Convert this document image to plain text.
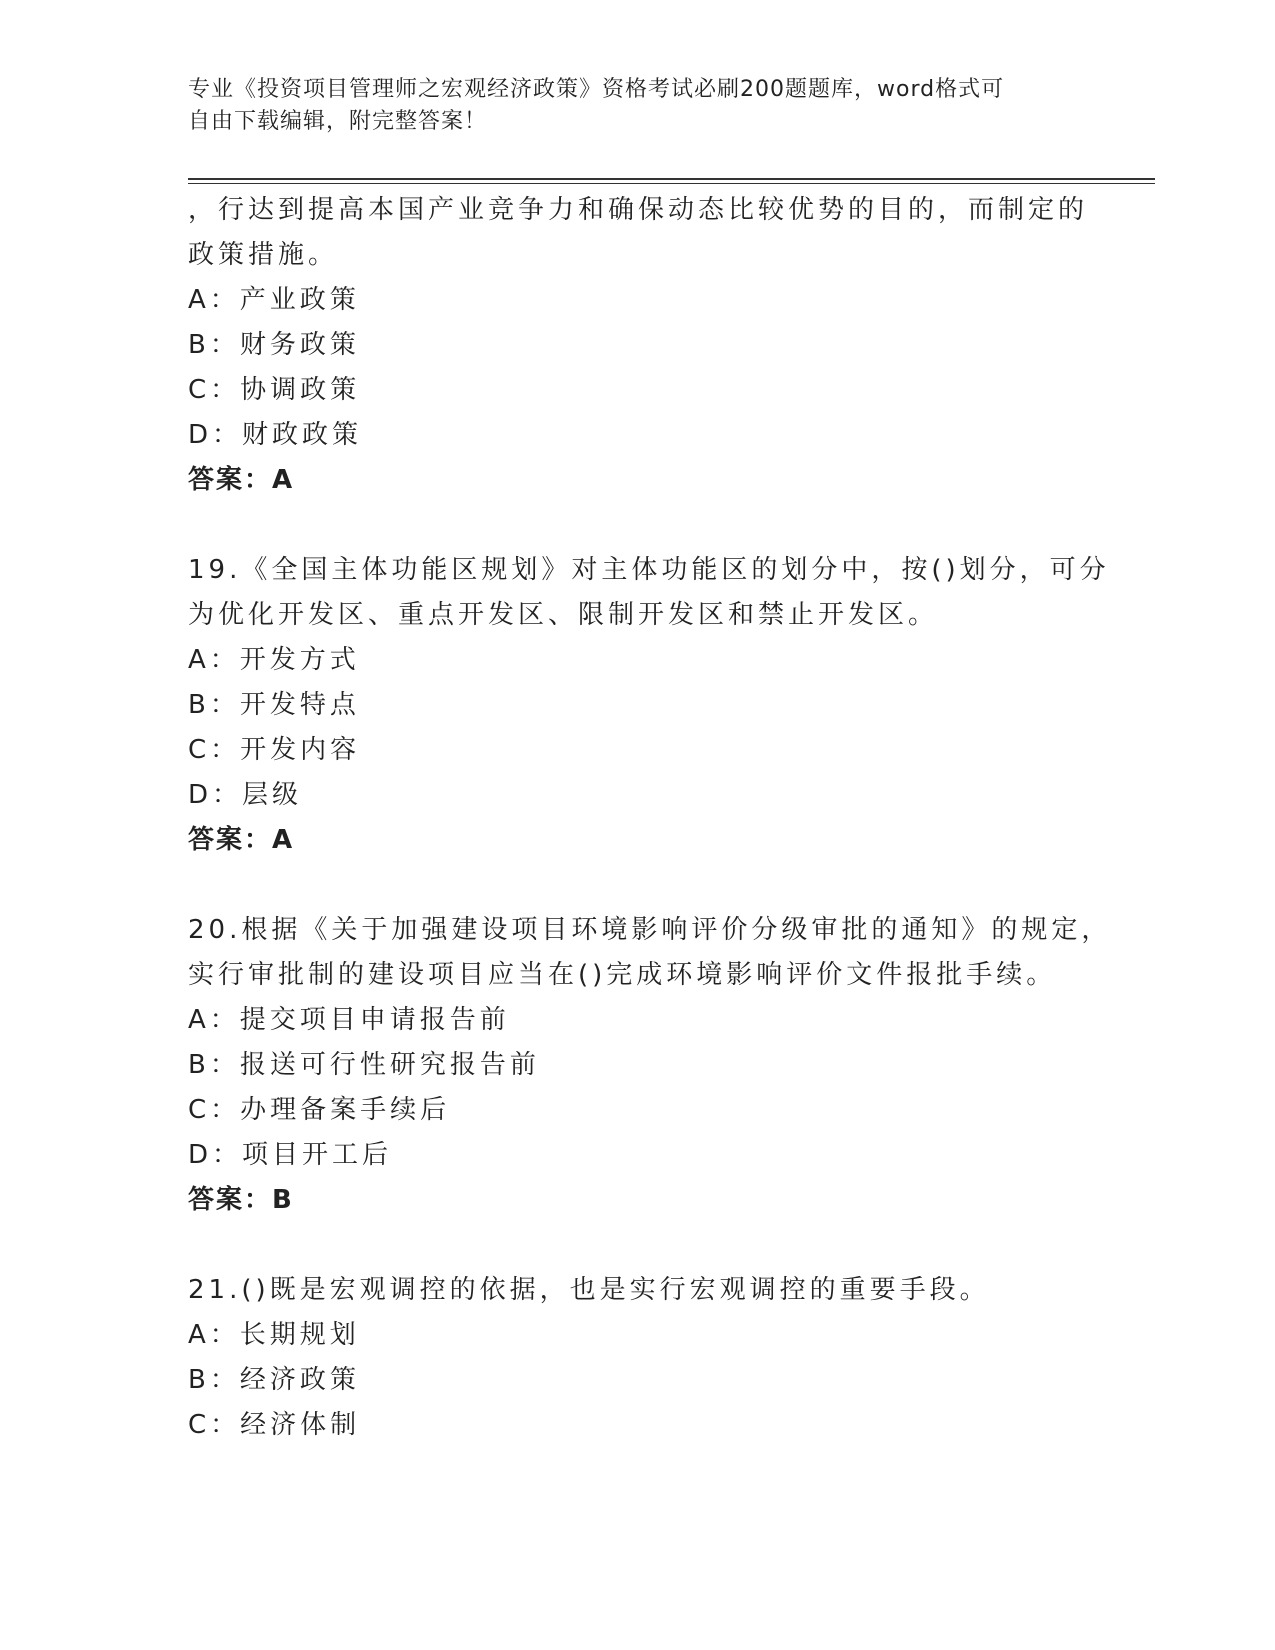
专业《投资项目管理师之宏观经济政策》资格考试必刷200题题库，word格式可
自由下载编辑，附完整答案！
，行达到提高本国产业竞争力和确保动态比较优势的目的，而制定的
政策措施。
A：产业政策
B：财务政策
C：协调政策
D：财政政策
答案：A
19.《全国主体功能区规划》对主体功能区的划分中，按()划分，可分
为优化开发区、重点开发区、限制开发区和禁止开发区。
A：开发方式
B：开发特点
C：开发内容
D：层级
答案：A
20.根据《关于加强建设项目环境影响评价分级审批的通知》的规定，
实行审批制的建设项目应当在()完成环境影响评价文件报批手续。
A：提交项目申请报告前
B：报送可行性研究报告前
C：办理备案手续后
D：项目开工后
答案：B
21.()既是宏观调控的依据，也是实行宏观调控的重要手段。
A：长期规划
B：经济政策
C：经济体制
